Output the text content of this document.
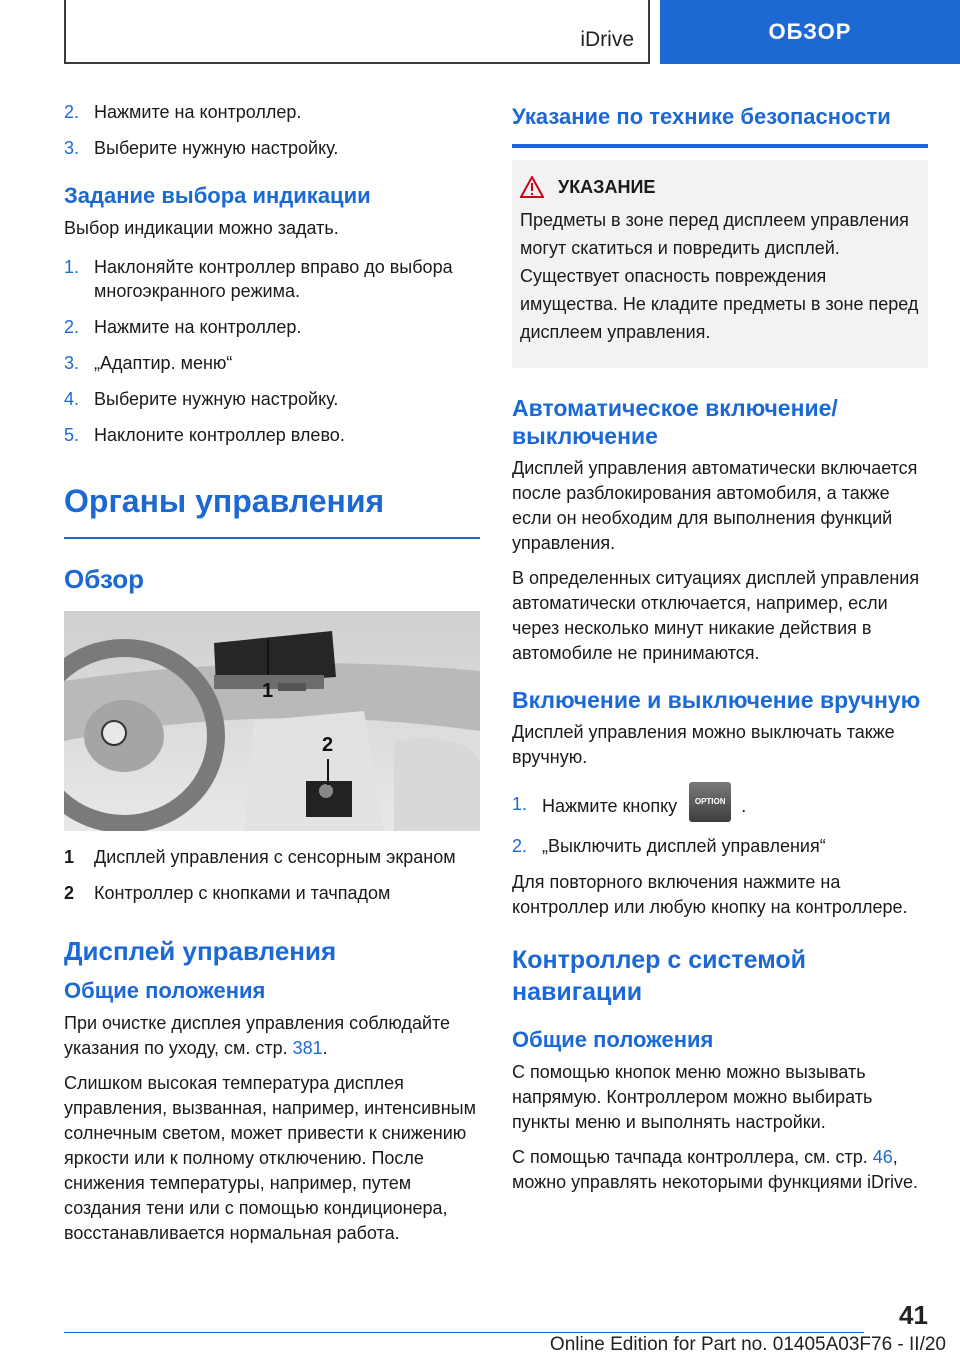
iDrive	ОБЗОР
2. Нажмите на контроллер.
3. Выберите нужную настройку.
Задание выбора индикации

Выбор индикации можно задать.

1. Наклоняйте контроллер вправо до выбора многоэкранного режима.
2. Нажмите на контроллер.
3. „Адаптир. меню“
4. Выберите нужную настройку.
5. Наклоните контроллер влево.
Органы управления
Обзор
1
2
1 Дисплей управления с сенсорным экраном
2 Контроллер с кнопками и тачпадом
Дисплей управления
Общие положения

При очистке дисплея управления соблюдайте указания по уходу, см. стр. 381.

Слишком высокая температура дисплея управления, вызванная, например, интенсивным солнечным светом, может привести к снижению яркости или к полному отключению. После снижения температуры, например, путем создания тени или с помощью кондиционера, восстанавливается нормальная работа.

Указание по технике безопасности
УКАЗАНИЕ

Предметы в зоне перед дисплеем управления могут скатиться и повредить дисплей. Существует опасность повреждения имущества. Не кладите предметы в зоне перед дисплеем управления.

Автоматическое включение/выключение

Дисплей управления автоматически включается после разблокирования автомобиля, а также если он необходим для выполнения функций управления.

В определенных ситуациях дисплей управления автоматически отключается, например, если через несколько минут никакие действия в автомобиле не принимаются.

Включение и выключение вручную

Дисплей управления можно выключать также вручную.

1. Нажмите кнопку OPTION .
2. „Выключить дисплей управления“

Для повторного включения нажмите на контроллер или любую кнопку на контроллере.

Контроллер с системой навигации
Общие положения

С помощью кнопок меню можно вызывать напрямую. Контроллером можно выбирать пункты меню и выполнять настройки.

С помощью тачпада контроллера, см. стр. 46, можно управлять некоторыми функциями iDrive.

41
Online Edition for Part no. 01405A03F76 - II/20
